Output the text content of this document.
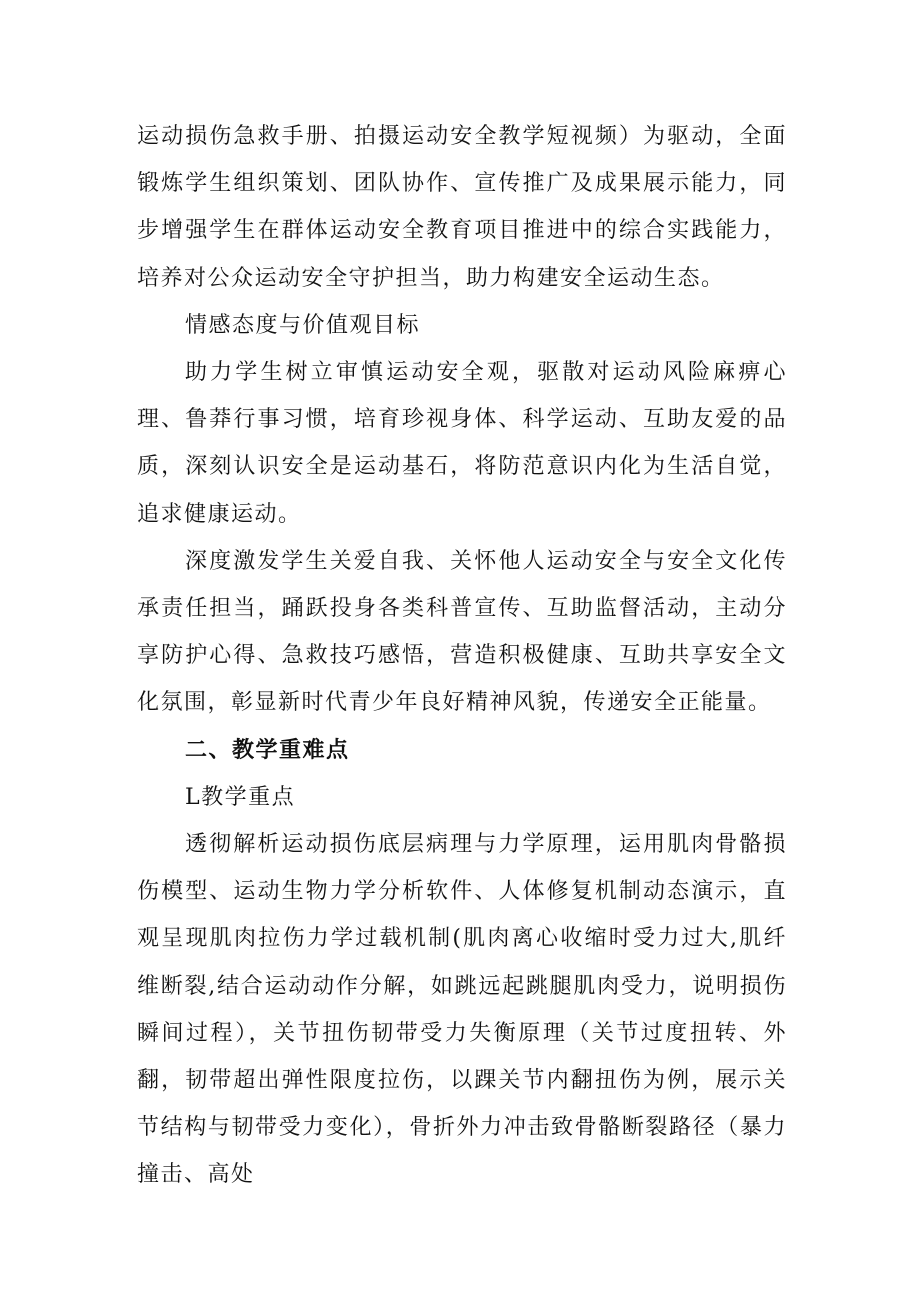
运动损伤急救手册、拍摄运动安全教学短视频）为驱动，全面锻炼学生组织策划、团队协作、宣传推广及成果展示能力，同步增强学生在群体运动安全教育项目推进中的综合实践能力，培养对公众运动安全守护担当，助力构建安全运动生态。

情感态度与价值观目标

助力学生树立审慎运动安全观，驱散对运动风险麻痹心理、鲁莽行事习惯，培育珍视身体、科学运动、互助友爱的品质，深刻认识安全是运动基石，将防范意识内化为生活自觉，追求健康运动。

深度激发学生关爱自我、关怀他人运动安全与安全文化传承责任担当，踊跃投身各类科普宣传、互助监督活动，主动分享防护心得、急救技巧感悟，营造积极健康、互助共享安全文化氛围，彰显新时代青少年良好精神风貌，传递安全正能量。

二、教学重难点

L教学重点

透彻解析运动损伤底层病理与力学原理，运用肌肉骨骼损伤模型、运动生物力学分析软件、人体修复机制动态演示，直观呈现肌肉拉伤力学过载机制(肌肉离心收缩时受力过大,肌纤维断裂,结合运动动作分解，如跳远起跳腿肌肉受力，说明损伤瞬间过程），关节扭伤韧带受力失衡原理（关节过度扭转、外翻，韧带超出弹性限度拉伤，以踝关节内翻扭伤为例，展示关节结构与韧带受力变化），骨折外力冲击致骨骼断裂路径（暴力撞击、高处
